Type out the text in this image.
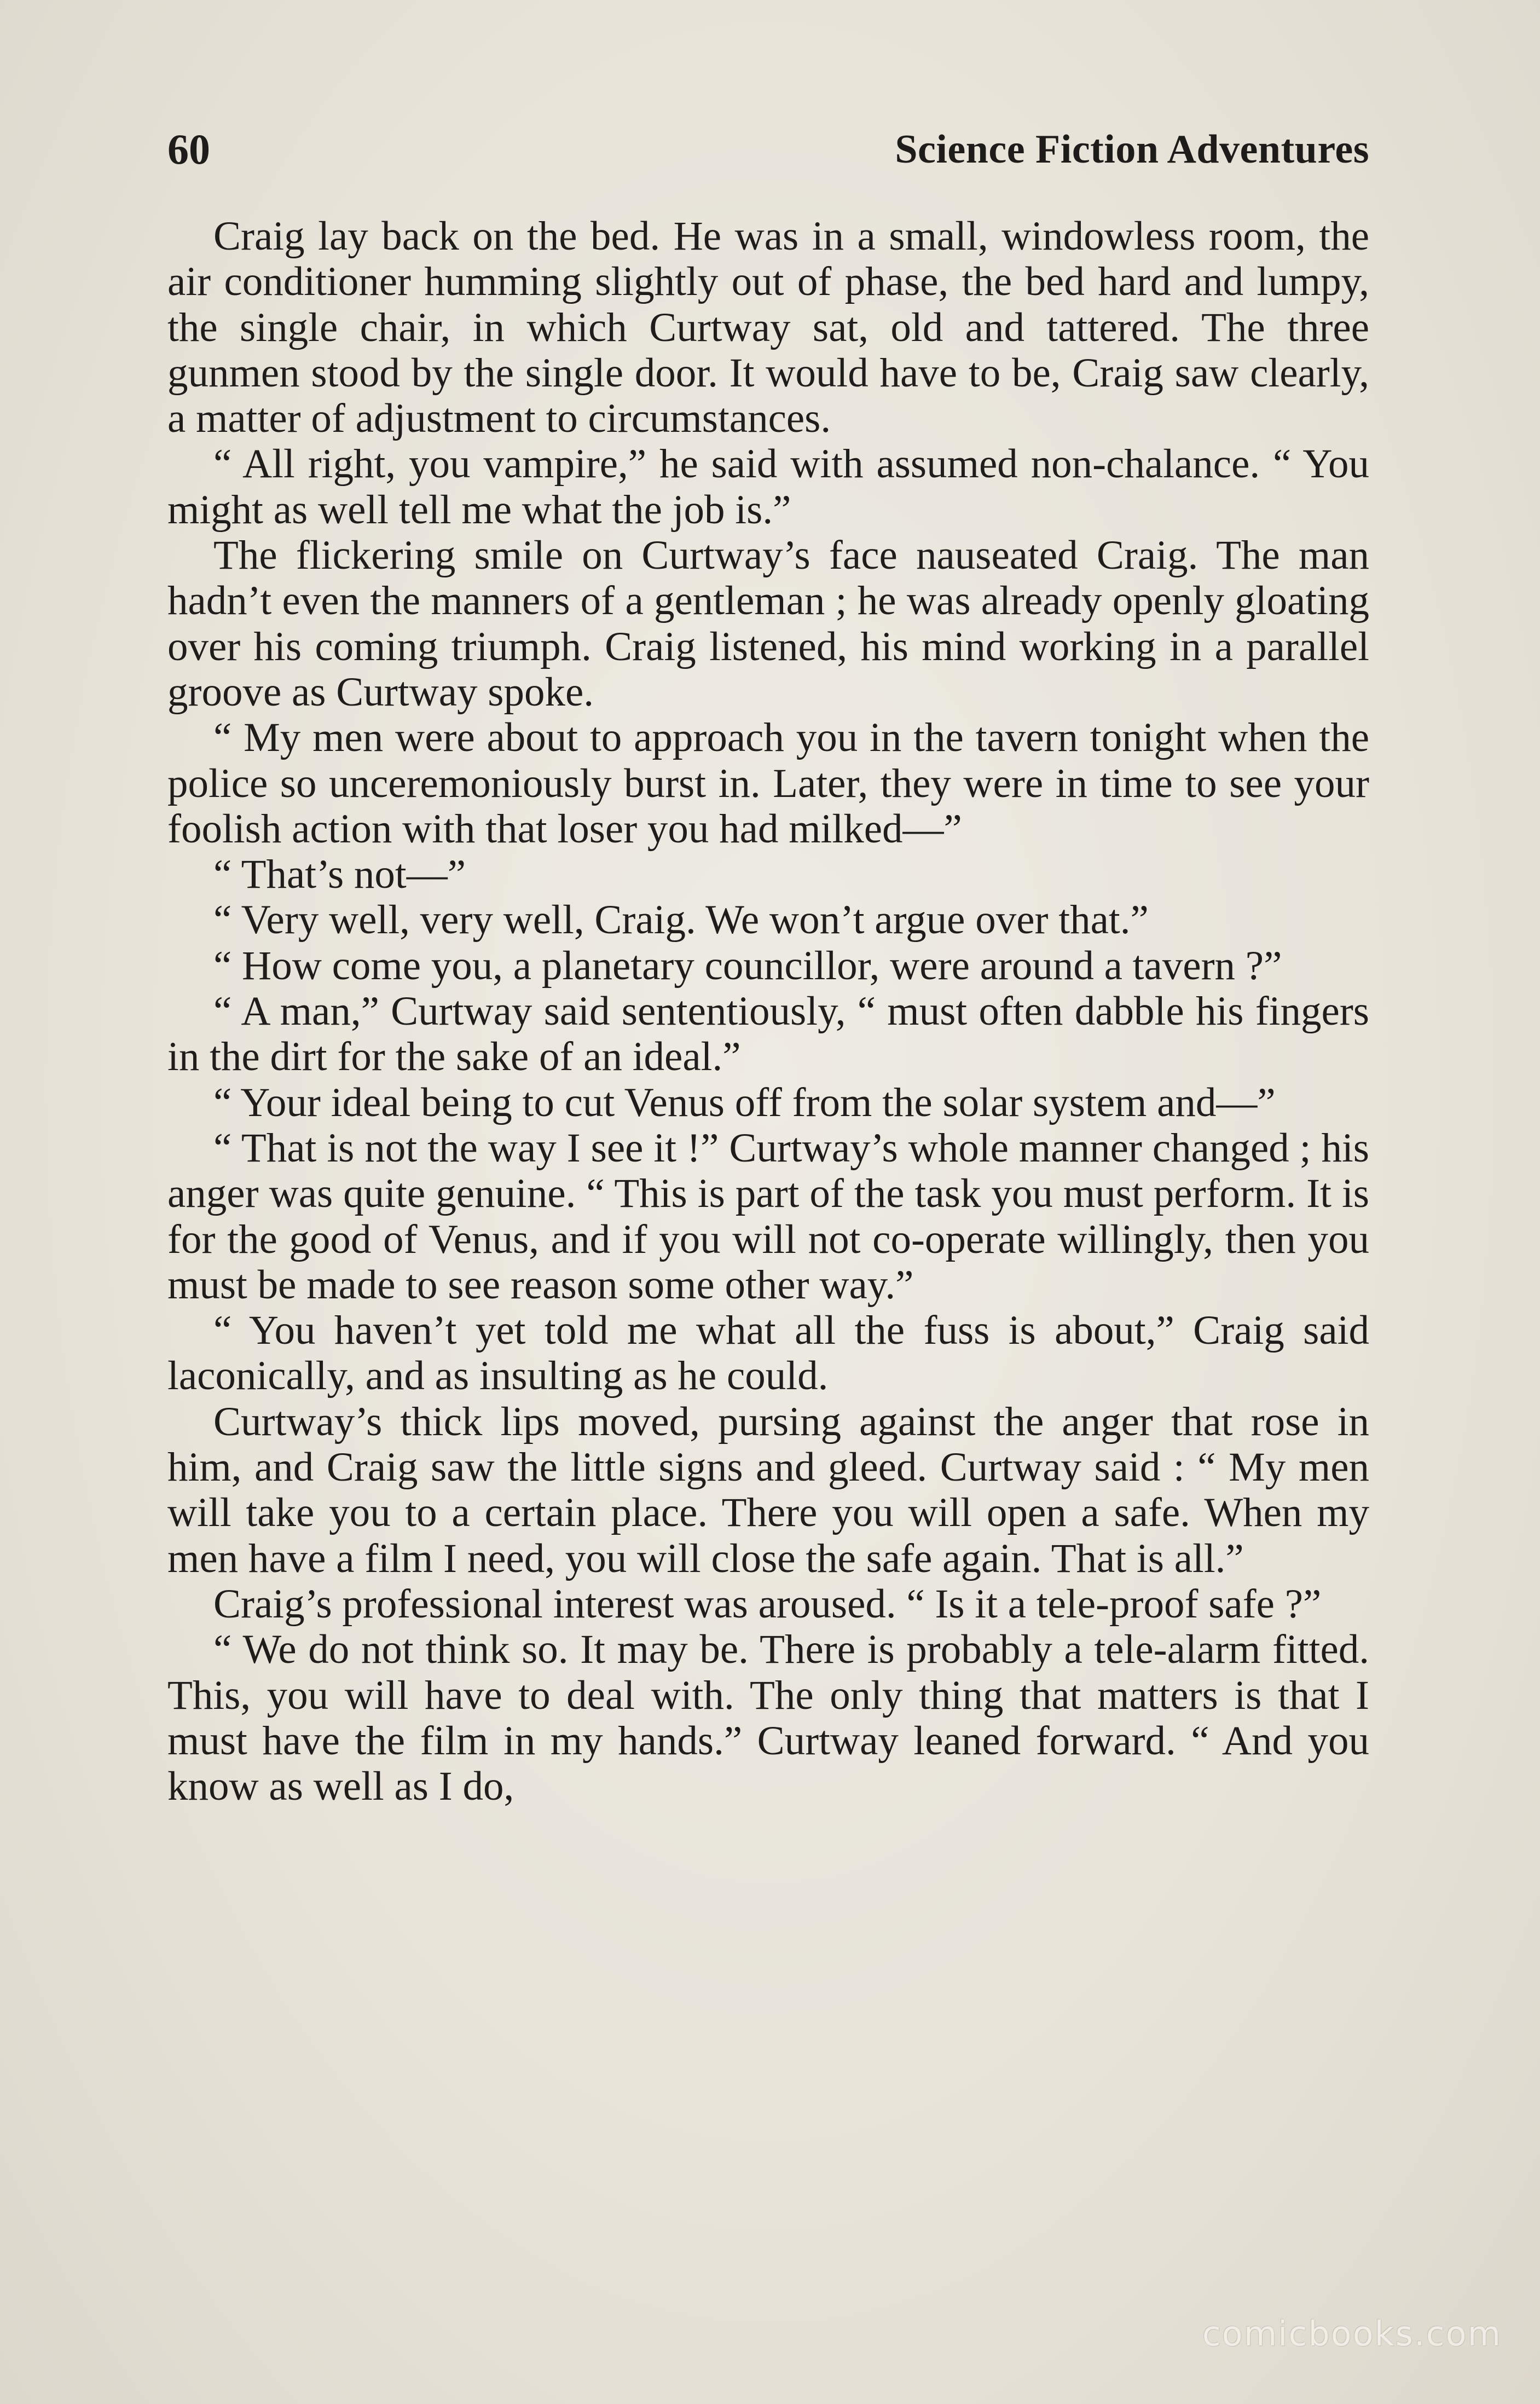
60	Science Fiction Adventures

Craig lay back on the bed. He was in a small, windowless room, the air conditioner humming slightly out of phase, the bed hard and lumpy, the single chair, in which Curtway sat, old and tattered. The three gunmen stood by the single door. It would have to be, Craig saw clearly, a matter of adjustment to circumstances.

“ All right, you vampire,” he said with assumed non-chalance. “ You might as well tell me what the job is.”

The flickering smile on Curtway’s face nauseated Craig. The man hadn’t even the manners of a gentleman ; he was already openly gloating over his coming triumph. Craig listened, his mind working in a parallel groove as Curtway spoke.

“ My men were about to approach you in the tavern tonight when the police so unceremoniously burst in. Later, they were in time to see your foolish action with that loser you had milked—”

“ That’s not—”

“ Very well, very well, Craig. We won’t argue over that.”

“ How come you, a planetary councillor, were around a tavern ?”

“ A man,” Curtway said sententiously, “ must often dabble his fingers in the dirt for the sake of an ideal.”

“ Your ideal being to cut Venus off from the solar system and—”

“ That is not the way I see it !” Curtway’s whole manner changed ; his anger was quite genuine. “ This is part of the task you must perform. It is for the good of Venus, and if you will not co-operate willingly, then you must be made to see reason some other way.”

“ You haven’t yet told me what all the fuss is about,” Craig said laconically, and as insulting as he could.

Curtway’s thick lips moved, pursing against the anger that rose in him, and Craig saw the little signs and gleed. Curtway said : “ My men will take you to a certain place. There you will open a safe. When my men have a film I need, you will close the safe again. That is all.”

Craig’s professional interest was aroused. “ Is it a tele-proof safe ?”

“ We do not think so. It may be. There is probably a tele-alarm fitted. This, you will have to deal with. The only thing that matters is that I must have the film in my hands.” Curtway leaned forward. “ And you know as well as I do,

comicbooks.com
